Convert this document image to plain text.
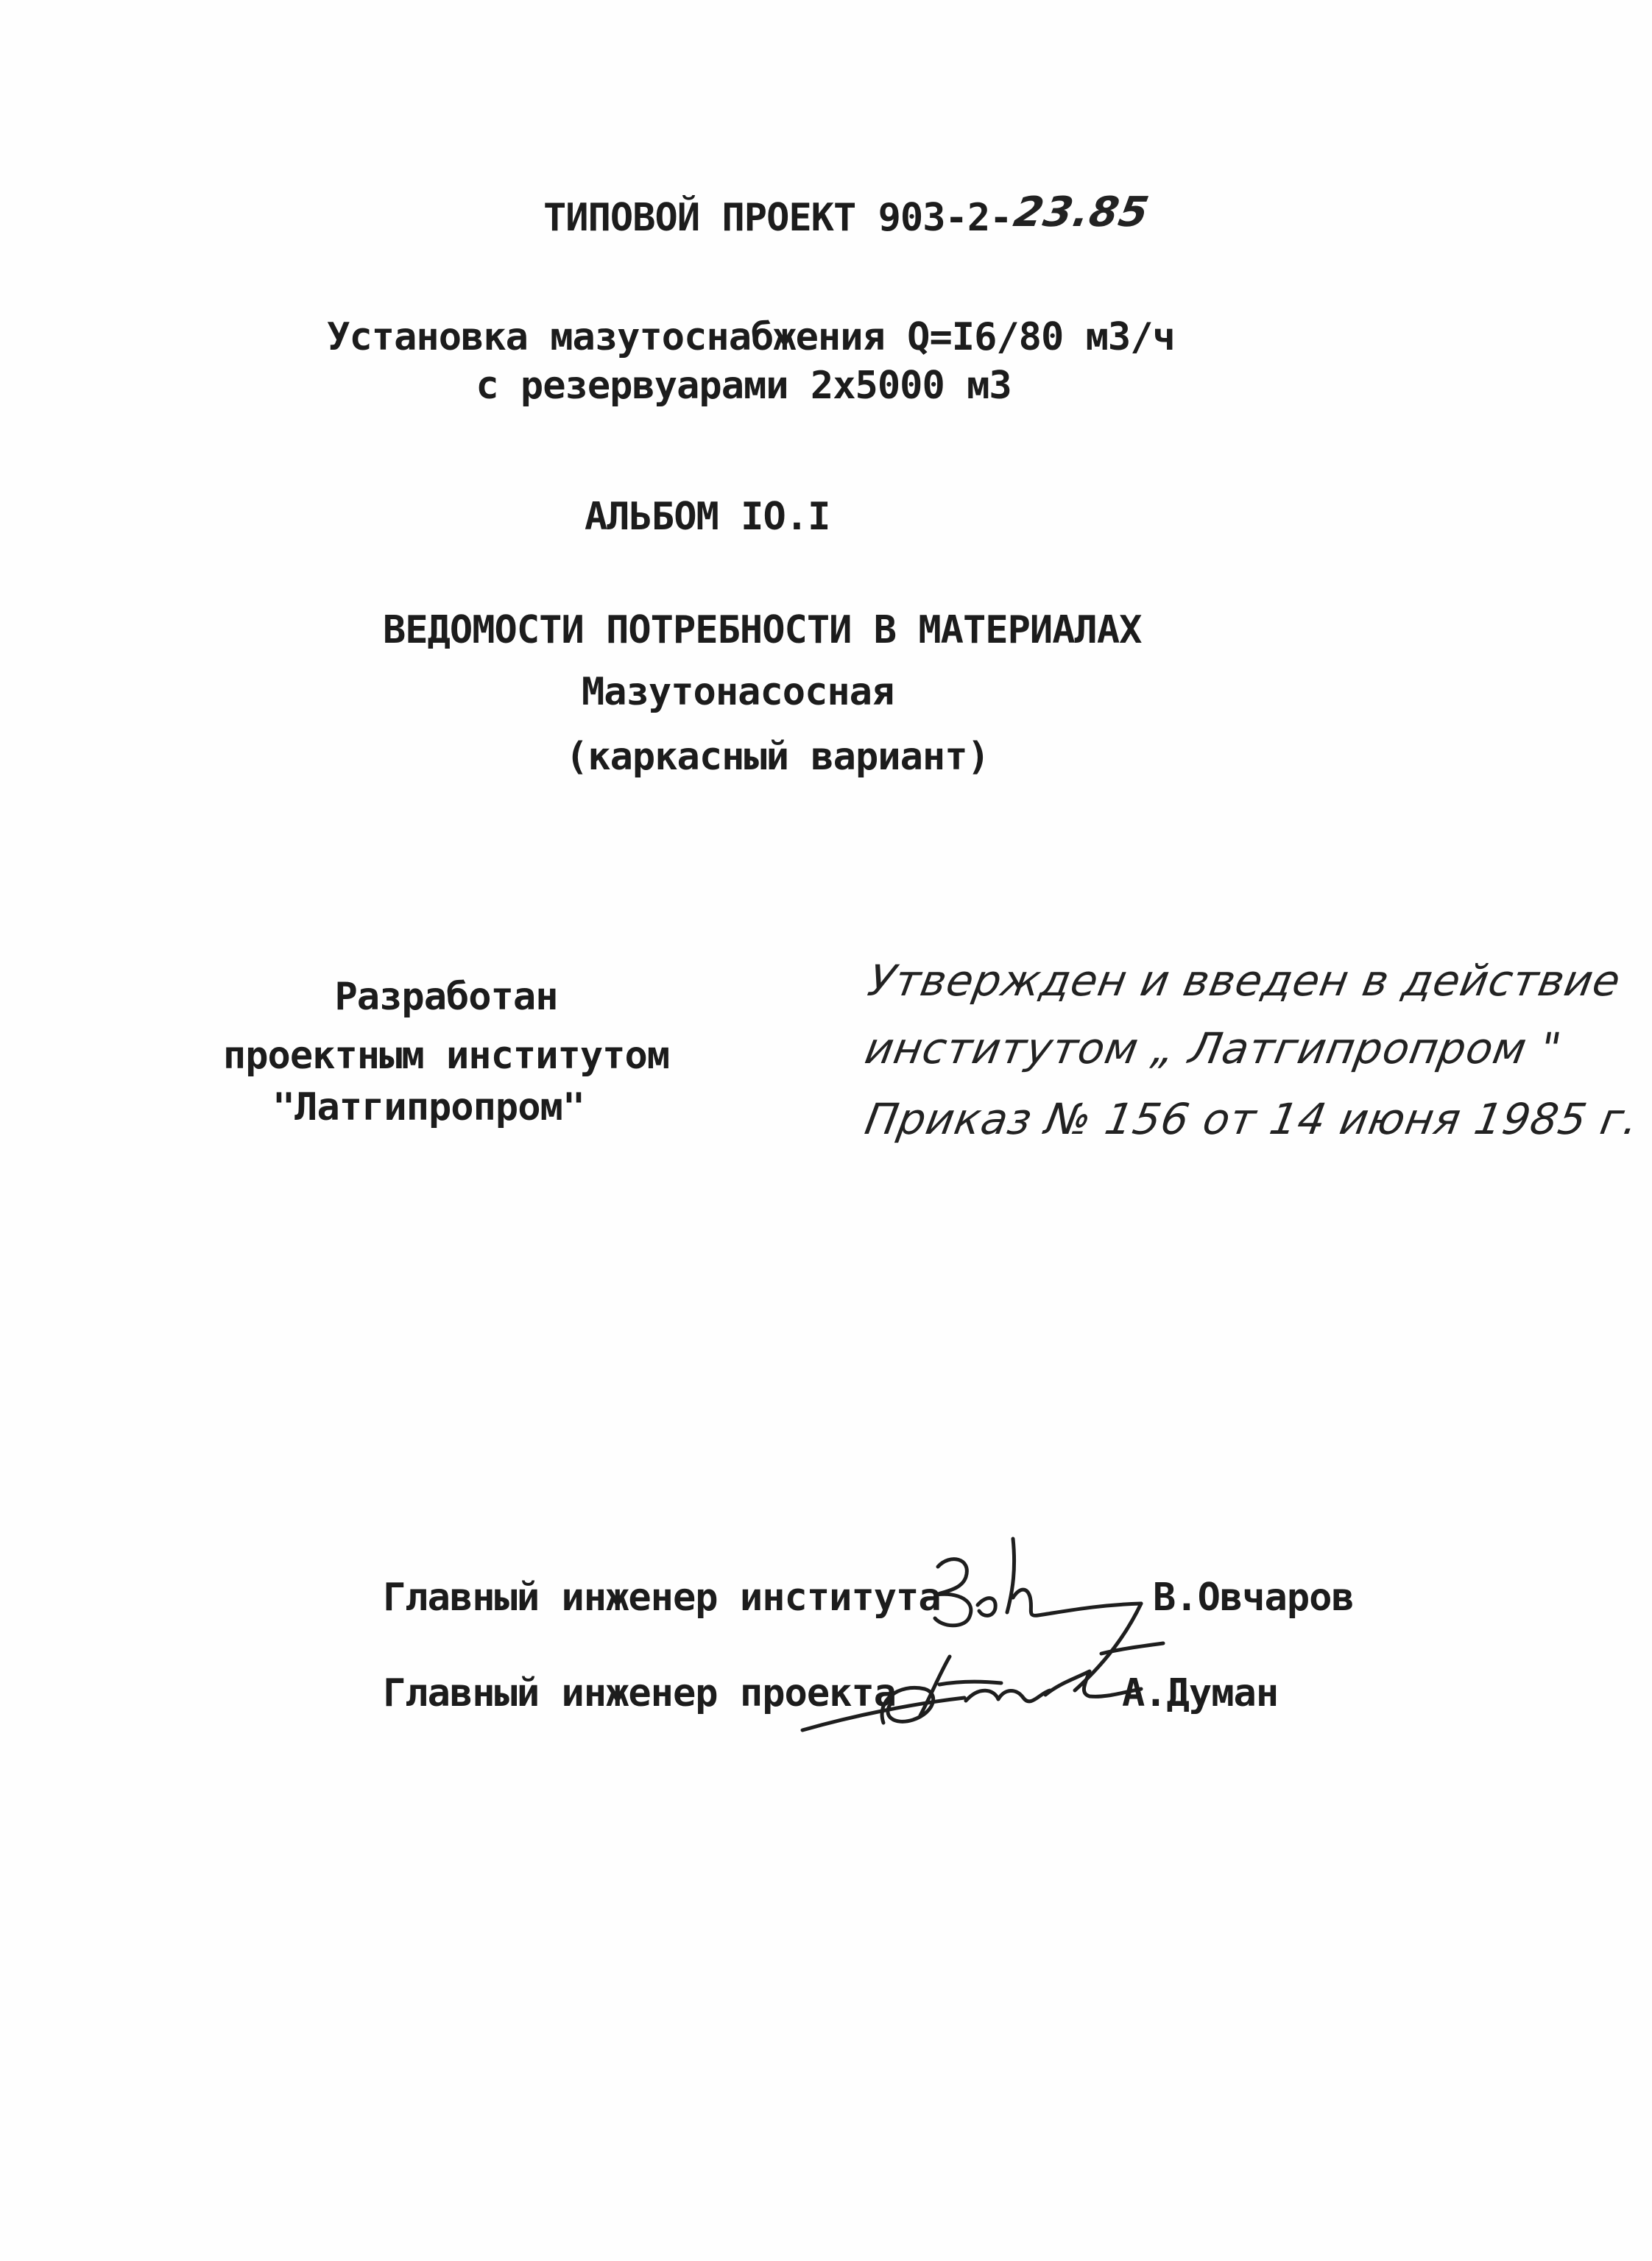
ТИПОВОЙ ПРОЕКТ 903-2-23.85
Установка мазутоснабжения Q=I6/80 м3/ч
с резервуарами 2х5000 м3
АЛЬБОМ IO.I
ВЕДОМОСТИ ПОТРЕБНОСТИ В МАТЕРИАЛАХ
Мазутонасосная
(каркасный вариант)
Разработан
проектным институтом
"Латгипропром"
Утвержден и введен в действие
институтом „ Латгипропром "
Приказ № 156 от 14 июня 1985 г.
Главный инженер института	В.Овчаров
Главный инженер проекта	А.Думан
